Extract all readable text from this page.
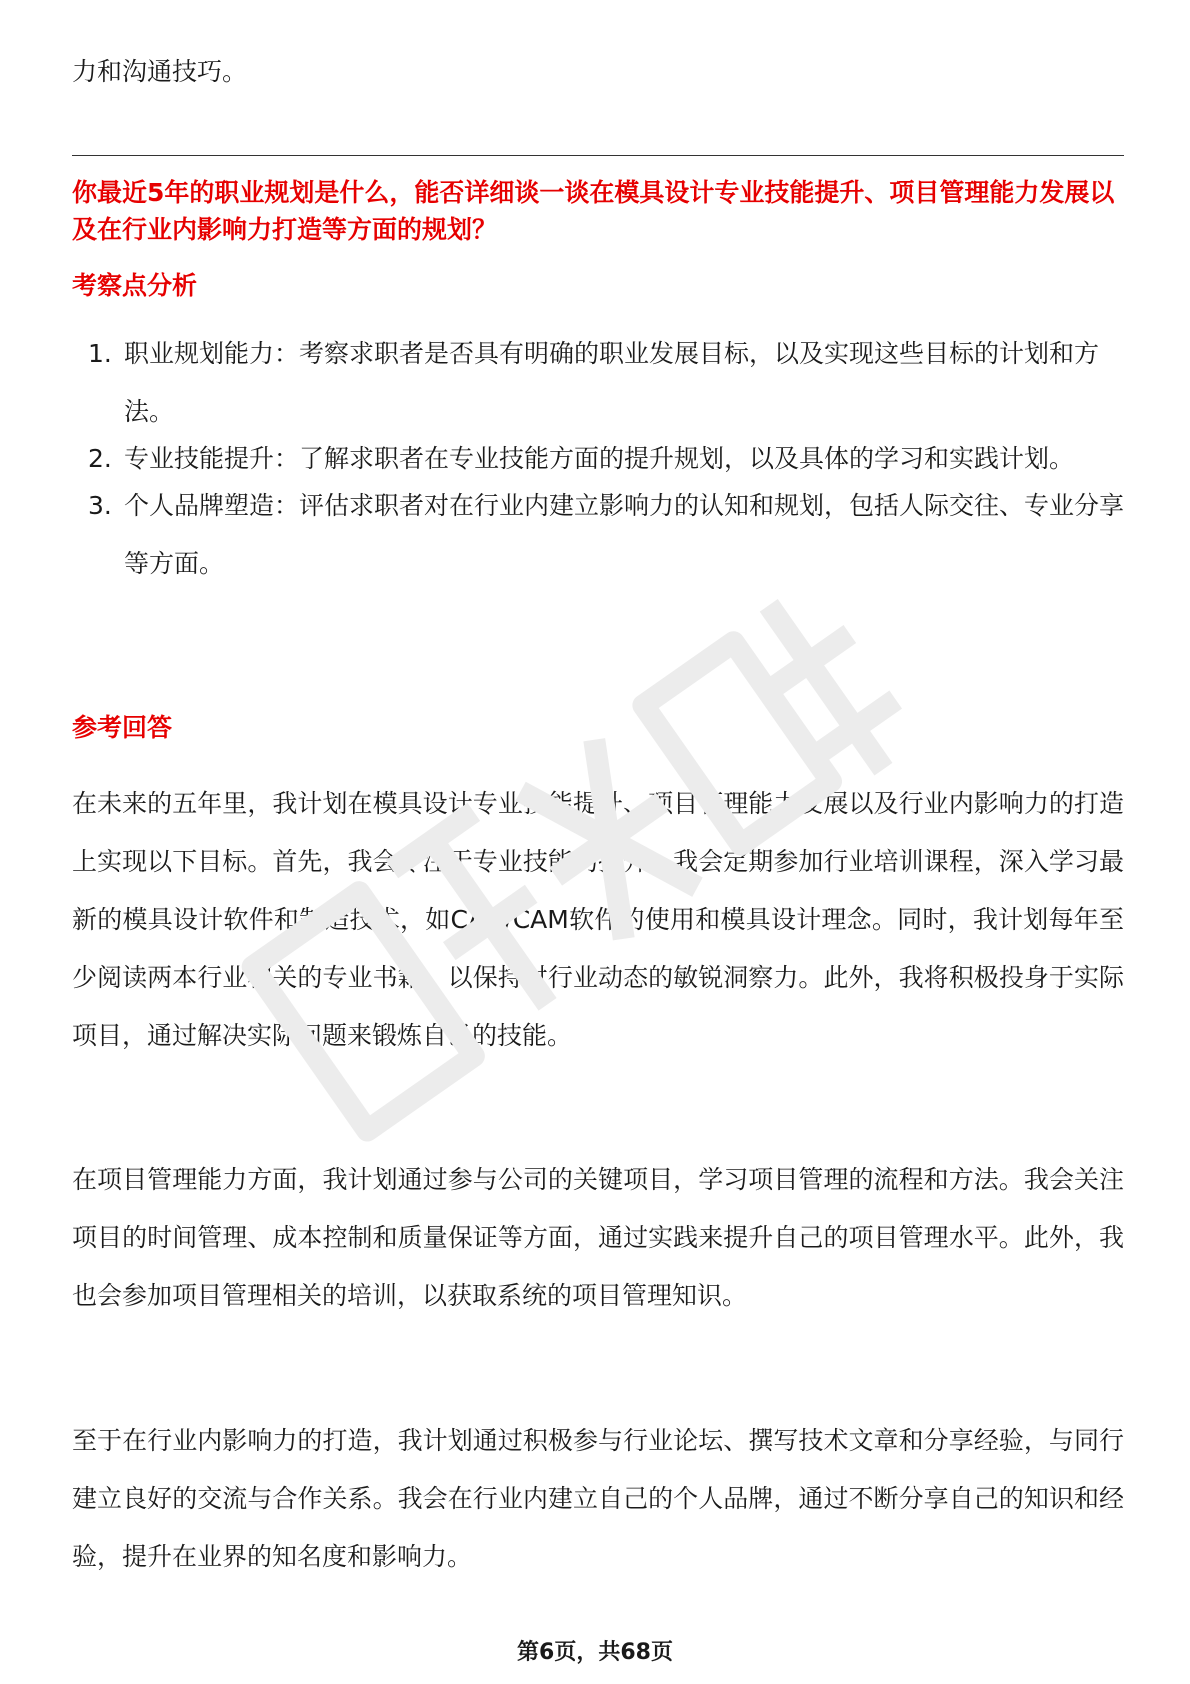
力和沟通技巧。

你最近5年的职业规划是什么，能否详细谈一谈在模具设计专业技能提升、项目管理能力发展以及在行业内影响力打造等方面的规划？

考察点分析

1. 职业规划能力：考察求职者是否具有明确的职业发展目标，以及实现这些目标的计划和方法。
2. 专业技能提升：了解求职者在专业技能方面的提升规划，以及具体的学习和实践计划。
3. 个人品牌塑造：评估求职者对在行业内建立影响力的认知和规划，包括人际交往、专业分享等方面。

参考回答

在未来的五年里，我计划在模具设计专业技能提升、项目管理能力发展以及行业内影响力的打造上实现以下目标。首先，我会专注于专业技能的提升。我会定期参加行业培训课程，深入学习最新的模具设计软件和制造技术，如CAD/CAM软件的使用和模具设计理念。同时，我计划每年至少阅读两本行业相关的专业书籍，以保持对行业动态的敏锐洞察力。此外，我将积极投身于实际项目，通过解决实际问题来锻炼自己的技能。

在项目管理能力方面，我计划通过参与公司的关键项目，学习项目管理的流程和方法。我会关注项目的时间管理、成本控制和质量保证等方面，通过实践来提升自己的项目管理水平。此外，我也会参加项目管理相关的培训，以获取系统的项目管理知识。

至于在行业内影响力的打造，我计划通过积极参与行业论坛、撰写技术文章和分享经验，与同行建立良好的交流与合作关系。我会在行业内建立自己的个人品牌，通过不断分享自己的知识和经验，提升在业界的知名度和影响力。

第6页，共68页
